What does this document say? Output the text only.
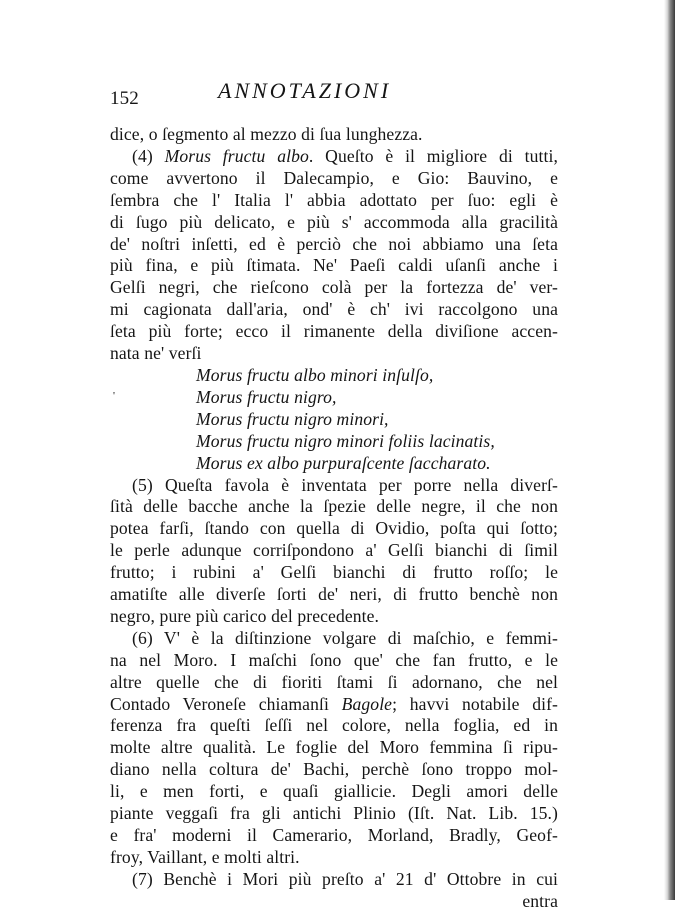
152	ANNOTAZIONI
dice, o ſegmento al mezzo di ſua lunghezza.
(4) Morus fructu albo. Queſto è il migliore di tutti,
come avvertono il Dalecampio, e Gio: Bauvino, e
ſembra che l' Italia l' abbia adottato per ſuo: egli è
di ſugo più delicato, e più s' accommoda alla gracilità
de' noſtri inſetti, ed è perciò che noi abbiamo una ſeta
più fina, e più ſtimata. Ne' Paeſi caldi uſanſi anche i
Gelſi negri, che rieſcono colà per la fortezza de' ver-
mi cagionata dall'aria, ond' è ch' ivi raccolgono una
ſeta più forte; ecco il rimanente della diviſione accen-
nata ne' verſi
Morus fructu albo minori inſulſo,
Morus fructu nigro,
Morus fructu nigro minori,
Morus fructu nigro minori foliis lacinatis,
Morus ex albo purpuraſcente ſaccharato.
(5) Queſta favola è inventata per porre nella diverſ-
ſità delle bacche anche la ſpezie delle negre, il che non
potea farſi, ſtando con quella di Ovidio, poſta qui ſotto;
le perle adunque corriſpondono a' Gelſi bianchi di ſimil
frutto; i rubini a' Gelſi bianchi di frutto roſſo; le
amatiſte alle diverſe ſorti de' neri, di frutto benchè non
negro, pure più carico del precedente.
(6) V' è la diſtinzione volgare di maſchio, e femmi-
na nel Moro. I maſchi ſono que' che fan frutto, e le
altre quelle che di fioriti ſtami ſi adornano, che nel
Contado Veroneſe chiamanſi Bagole; havvi notabile dif-
ferenza fra queſti ſeſſi nel colore, nella foglia, ed in
molte altre qualità. Le foglie del Moro femmina ſi ripu-
diano nella coltura de' Bachi, perchè ſono troppo mol-
li, e men forti, e quaſi giallicie. Degli amori delle
piante veggaſi fra gli antichi Plinio (Iſt. Nat. Lib. 15.)
e fra' moderni il Camerario, Morland, Bradly, Geof-
froy, Vaillant, e molti altri.
(7) Benchè i Mori più preſto a' 21 d' Ottobre in cui
entra
'
